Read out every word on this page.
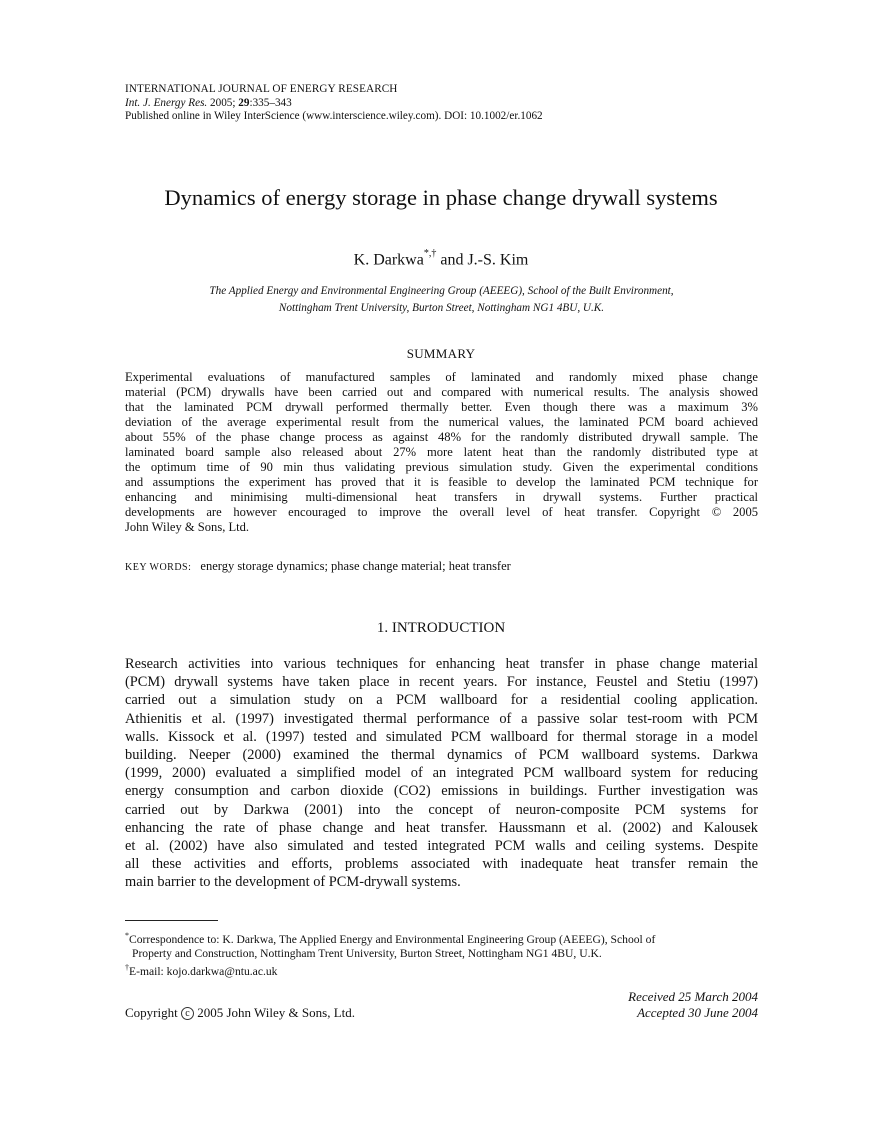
INTERNATIONAL JOURNAL OF ENERGY RESEARCH
Int. J. Energy Res. 2005; 29:335–343
Published online in Wiley InterScience (www.interscience.wiley.com). DOI: 10.1002/er.1062
Dynamics of energy storage in phase change drywall systems
K. Darkwa*,† and J.-S. Kim
The Applied Energy and Environmental Engineering Group (AEEEG), School of the Built Environment,
Nottingham Trent University, Burton Street, Nottingham NG1 4BU, U.K.
SUMMARY
Experimental evaluations of manufactured samples of laminated and randomly mixed phase change
material (PCM) drywalls have been carried out and compared with numerical results. The analysis showed
that the laminated PCM drywall performed thermally better. Even though there was a maximum 3%
deviation of the average experimental result from the numerical values, the laminated PCM board achieved
about 55% of the phase change process as against 48% for the randomly distributed drywall sample. The
laminated board sample also released about 27% more latent heat than the randomly distributed type at
the optimum time of 90 min thus validating previous simulation study. Given the experimental conditions
and assumptions the experiment has proved that it is feasible to develop the laminated PCM technique for
enhancing and minimising multi-dimensional heat transfers in drywall systems. Further practical
developments are however encouraged to improve the overall level of heat transfer. Copyright © 2005
John Wiley & Sons, Ltd.
KEY WORDS: energy storage dynamics; phase change material; heat transfer
1. INTRODUCTION
Research activities into various techniques for enhancing heat transfer in phase change material
(PCM) drywall systems have taken place in recent years. For instance, Feustel and Stetiu (1997)
carried out a simulation study on a PCM wallboard for a residential cooling application.
Athienitis et al. (1997) investigated thermal performance of a passive solar test-room with PCM
walls. Kissock et al. (1997) tested and simulated PCM wallboard for thermal storage in a model
building. Neeper (2000) examined the thermal dynamics of PCM wallboard systems. Darkwa
(1999, 2000) evaluated a simplified model of an integrated PCM wallboard system for reducing
energy consumption and carbon dioxide (CO2) emissions in buildings. Further investigation was
carried out by Darkwa (2001) into the concept of neuron-composite PCM systems for
enhancing the rate of phase change and heat transfer. Haussmann et al. (2002) and Kalousek
et al. (2002) have also simulated and tested integrated PCM walls and ceiling systems. Despite
all these activities and efforts, problems associated with inadequate heat transfer remain the
main barrier to the development of PCM-drywall systems.
*Correspondence to: K. Darkwa, The Applied Energy and Environmental Engineering Group (AEEEG), School of
Property and Construction, Nottingham Trent University, Burton Street, Nottingham NG1 4BU, U.K.
†E-mail: kojo.darkwa@ntu.ac.uk
Received 25 March 2004
Accepted 30 June 2004
Copyright c 2005 John Wiley & Sons, Ltd.
